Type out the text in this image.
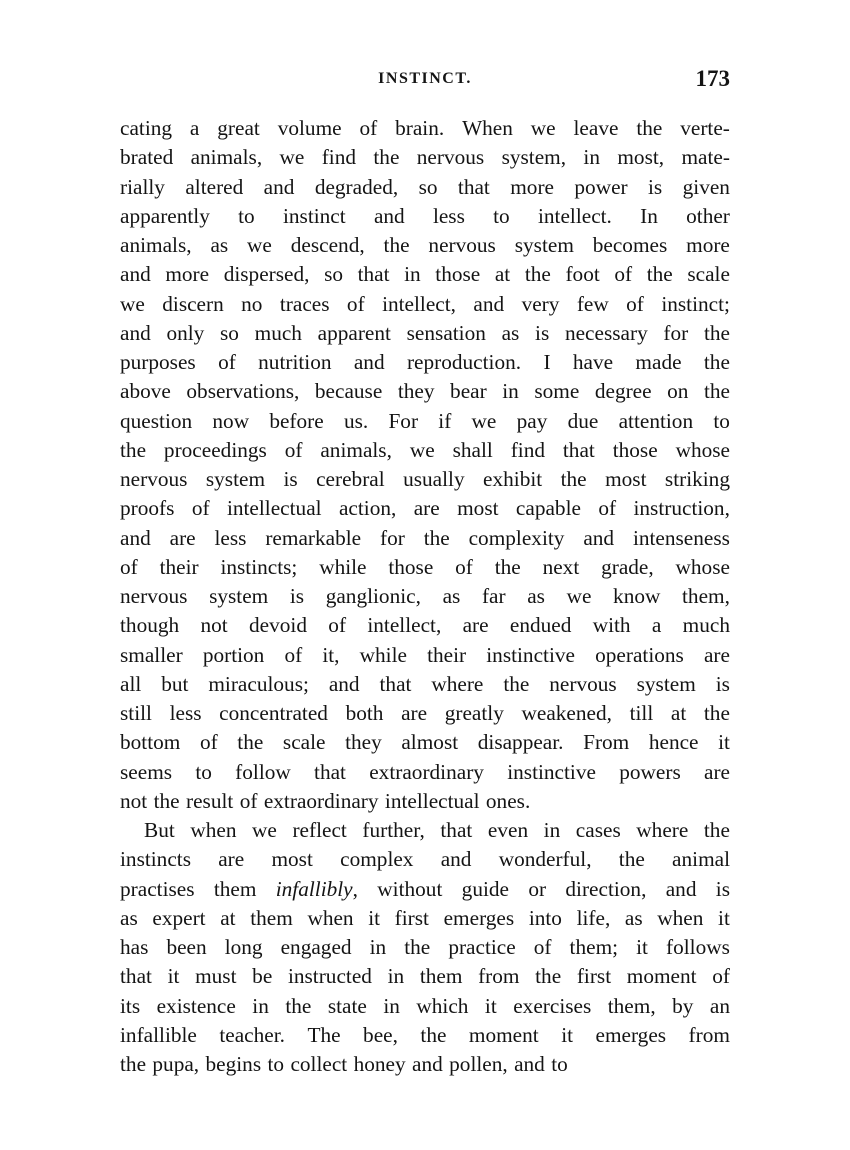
INSTINCT.	173
cating a great volume of brain. When we leave the verte-
brated animals, we find the nervous system, in most, mate-
rially altered and degraded, so that more power is given
apparently to instinct and less to intellect. In other
animals, as we descend, the nervous system becomes more
and more dispersed, so that in those at the foot of the scale
we discern no traces of intellect, and very few of instinct;
and only so much apparent sensation as is necessary for the
purposes of nutrition and reproduction. I have made the
above observations, because they bear in some degree on the
question now before us. For if we pay due attention to
the proceedings of animals, we shall find that those whose
nervous system is cerebral usually exhibit the most striking
proofs of intellectual action, are most capable of instruction,
and are less remarkable for the complexity and intenseness
of their instincts; while those of the next grade, whose
nervous system is ganglionic, as far as we know them,
though not devoid of intellect, are endued with a much
smaller portion of it, while their instinctive operations are
all but miraculous; and that where the nervous system is
still less concentrated both are greatly weakened, till at the
bottom of the scale they almost disappear. From hence it
seems to follow that extraordinary instinctive powers are
not the result of extraordinary intellectual ones.
But when we reflect further, that even in cases where the
instincts are most complex and wonderful, the animal
practises them infallibly, without guide or direction, and is
as expert at them when it first emerges into life, as when it
has been long engaged in the practice of them; it follows
that it must be instructed in them from the first moment of
its existence in the state in which it exercises them, by an
infallible teacher. The bee, the moment it emerges from
the pupa, begins to collect honey and pollen, and to
